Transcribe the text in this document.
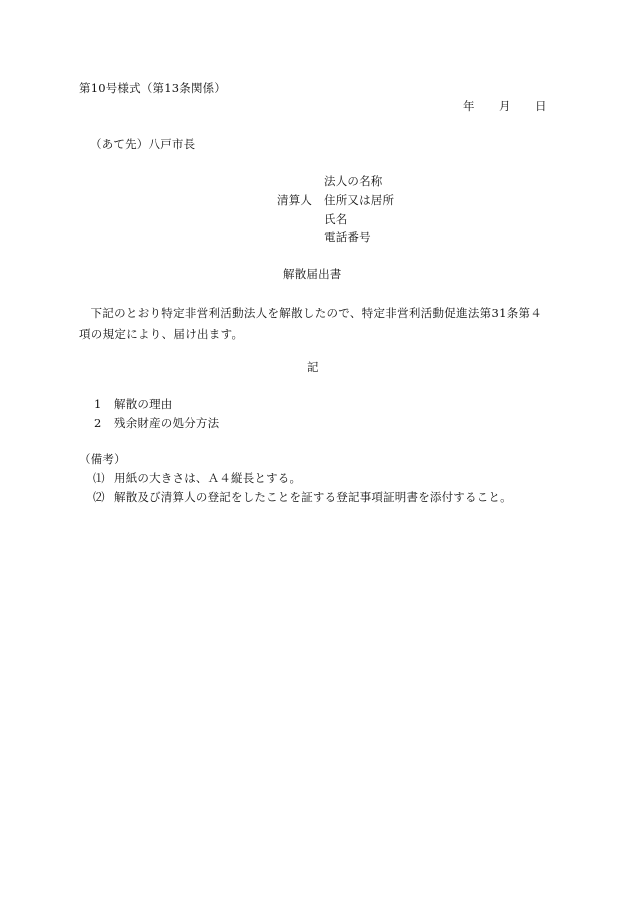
第10号様式（第13条関係）
年 月 日
（あて先）八戸市長
法人の名称
清算人 住所又は居所
氏名
電話番号
解散届出書
下記のとおり特定非営利活動法人を解散したので、特定非営利活動促進法第31条第４項の規定により、届け出ます。
記
1 解散の理由
2 残余財産の処分方法
（備考）
⑴ 用紙の大きさは、Ａ４縦長とする。
⑵ 解散及び清算人の登記をしたことを証する登記事項証明書を添付すること。
